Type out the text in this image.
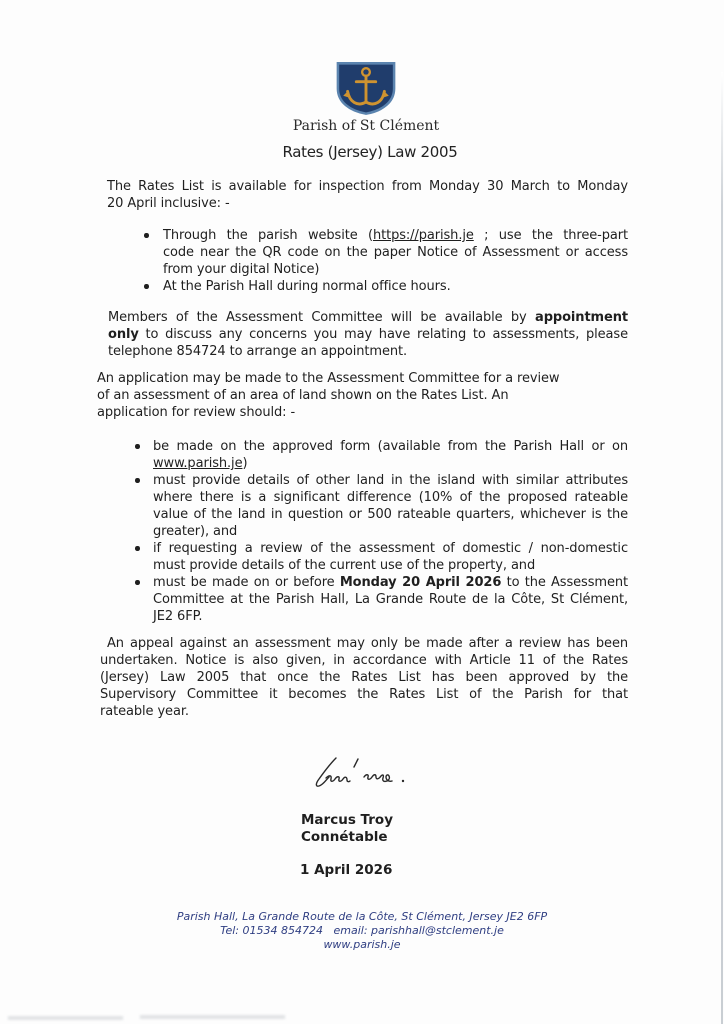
Parish of St Clément
Rates (Jersey) Law 2005
The Rates List is available for inspection from Monday 30 March to Monday
20 April inclusive: -
Through the parish website (https://parish.je ; use the three-part
code near the QR code on the paper Notice of Assessment or access
from your digital Notice)
At the Parish Hall during normal office hours.
Members of the Assessment Committee will be available by appointment
only to discuss any concerns you may have relating to assessments, please
telephone 854724 to arrange an appointment.
An application may be made to the Assessment Committee for a review
of an assessment of an area of land shown on the Rates List. An
application for review should: -
be made on the approved form (available from the Parish Hall or on
www.parish.je)
must provide details of other land in the island with similar attributes
where there is a significant difference (10% of the proposed rateable
value of the land in question or 500 rateable quarters, whichever is the
greater), and
if requesting a review of the assessment of domestic / non-domestic
must provide details of the current use of the property, and
must be made on or before Monday 20 April 2026 to the Assessment
Committee at the Parish Hall, La Grande Route de la Côte, St Clément,
JE2 6FP.
An appeal against an assessment may only be made after a review has been
undertaken. Notice is also given, in accordance with Article 11 of the Rates
(Jersey) Law 2005 that once the Rates List has been approved by the
Supervisory Committee it becomes the Rates List of the Parish for that
rateable year.
Marcus Troy
Connétable
1 April 2026
Parish Hall, La Grande Route de la Côte, St Clément, Jersey JE2 6FP
Tel: 01534 854724   email: parishhall@stclement.je
www.parish.je
